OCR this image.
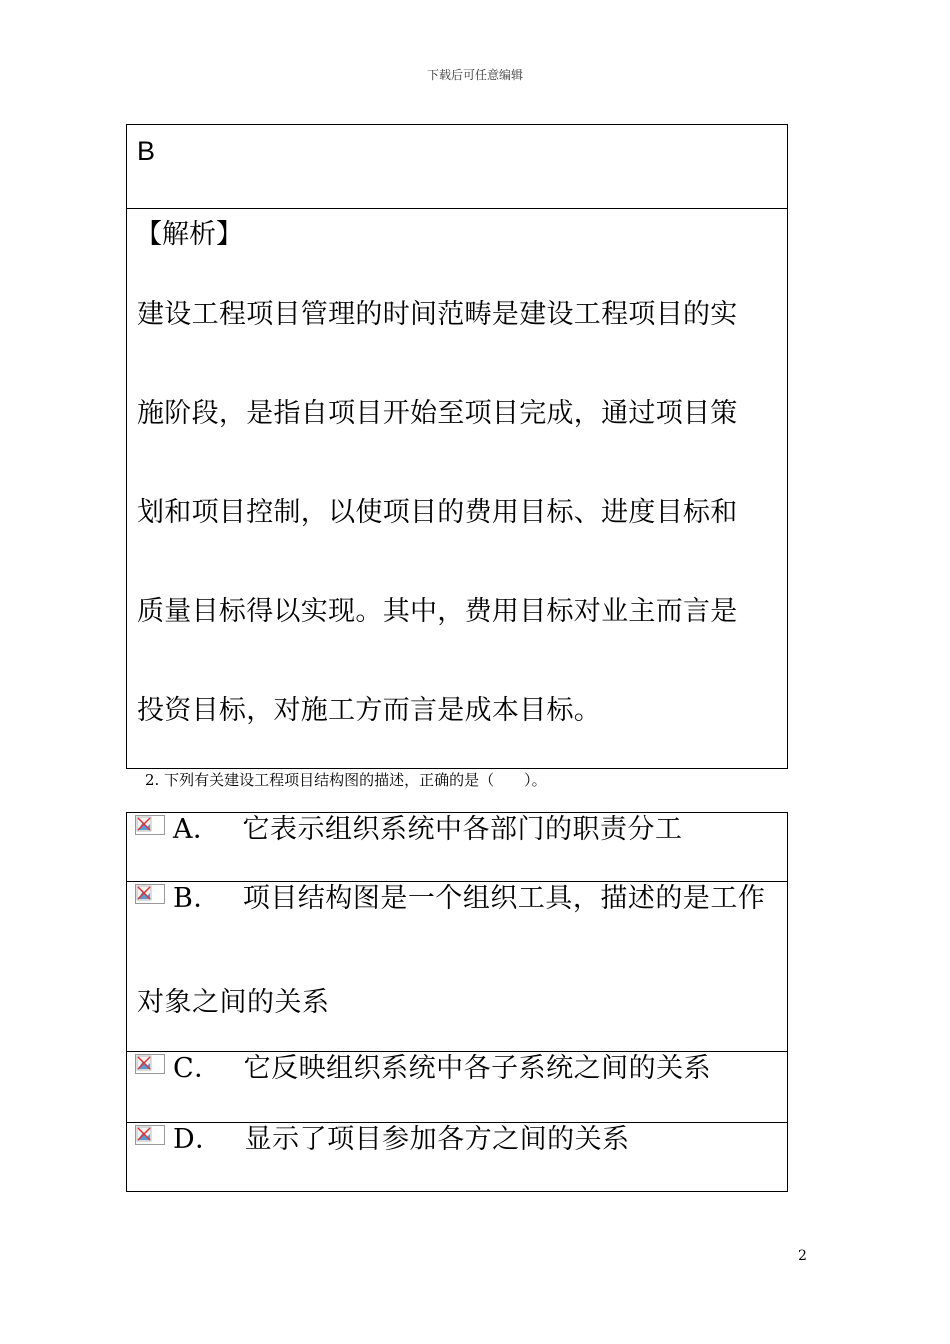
下载后可任意编辑
B
【解析】
建设工程项目管理的时间范畴是建设工程项目的实
施阶段，是指自项目开始至项目完成，通过项目策
划和项目控制，以使项目的费用目标、进度目标和
质量目标得以实现。其中，费用目标对业主而言是
投资目标，对施工方而言是成本目标。
2. 下列有关建设工程项目结构图的描述，正确的是（　　）。
A． 它表示组织系统中各部门的职责分工
B． 项目结构图是一个组织工具，描述的是工作
对象之间的关系
C． 它反映组织系统中各子系统之间的关系
D． 显示了项目参加各方之间的关系
2
